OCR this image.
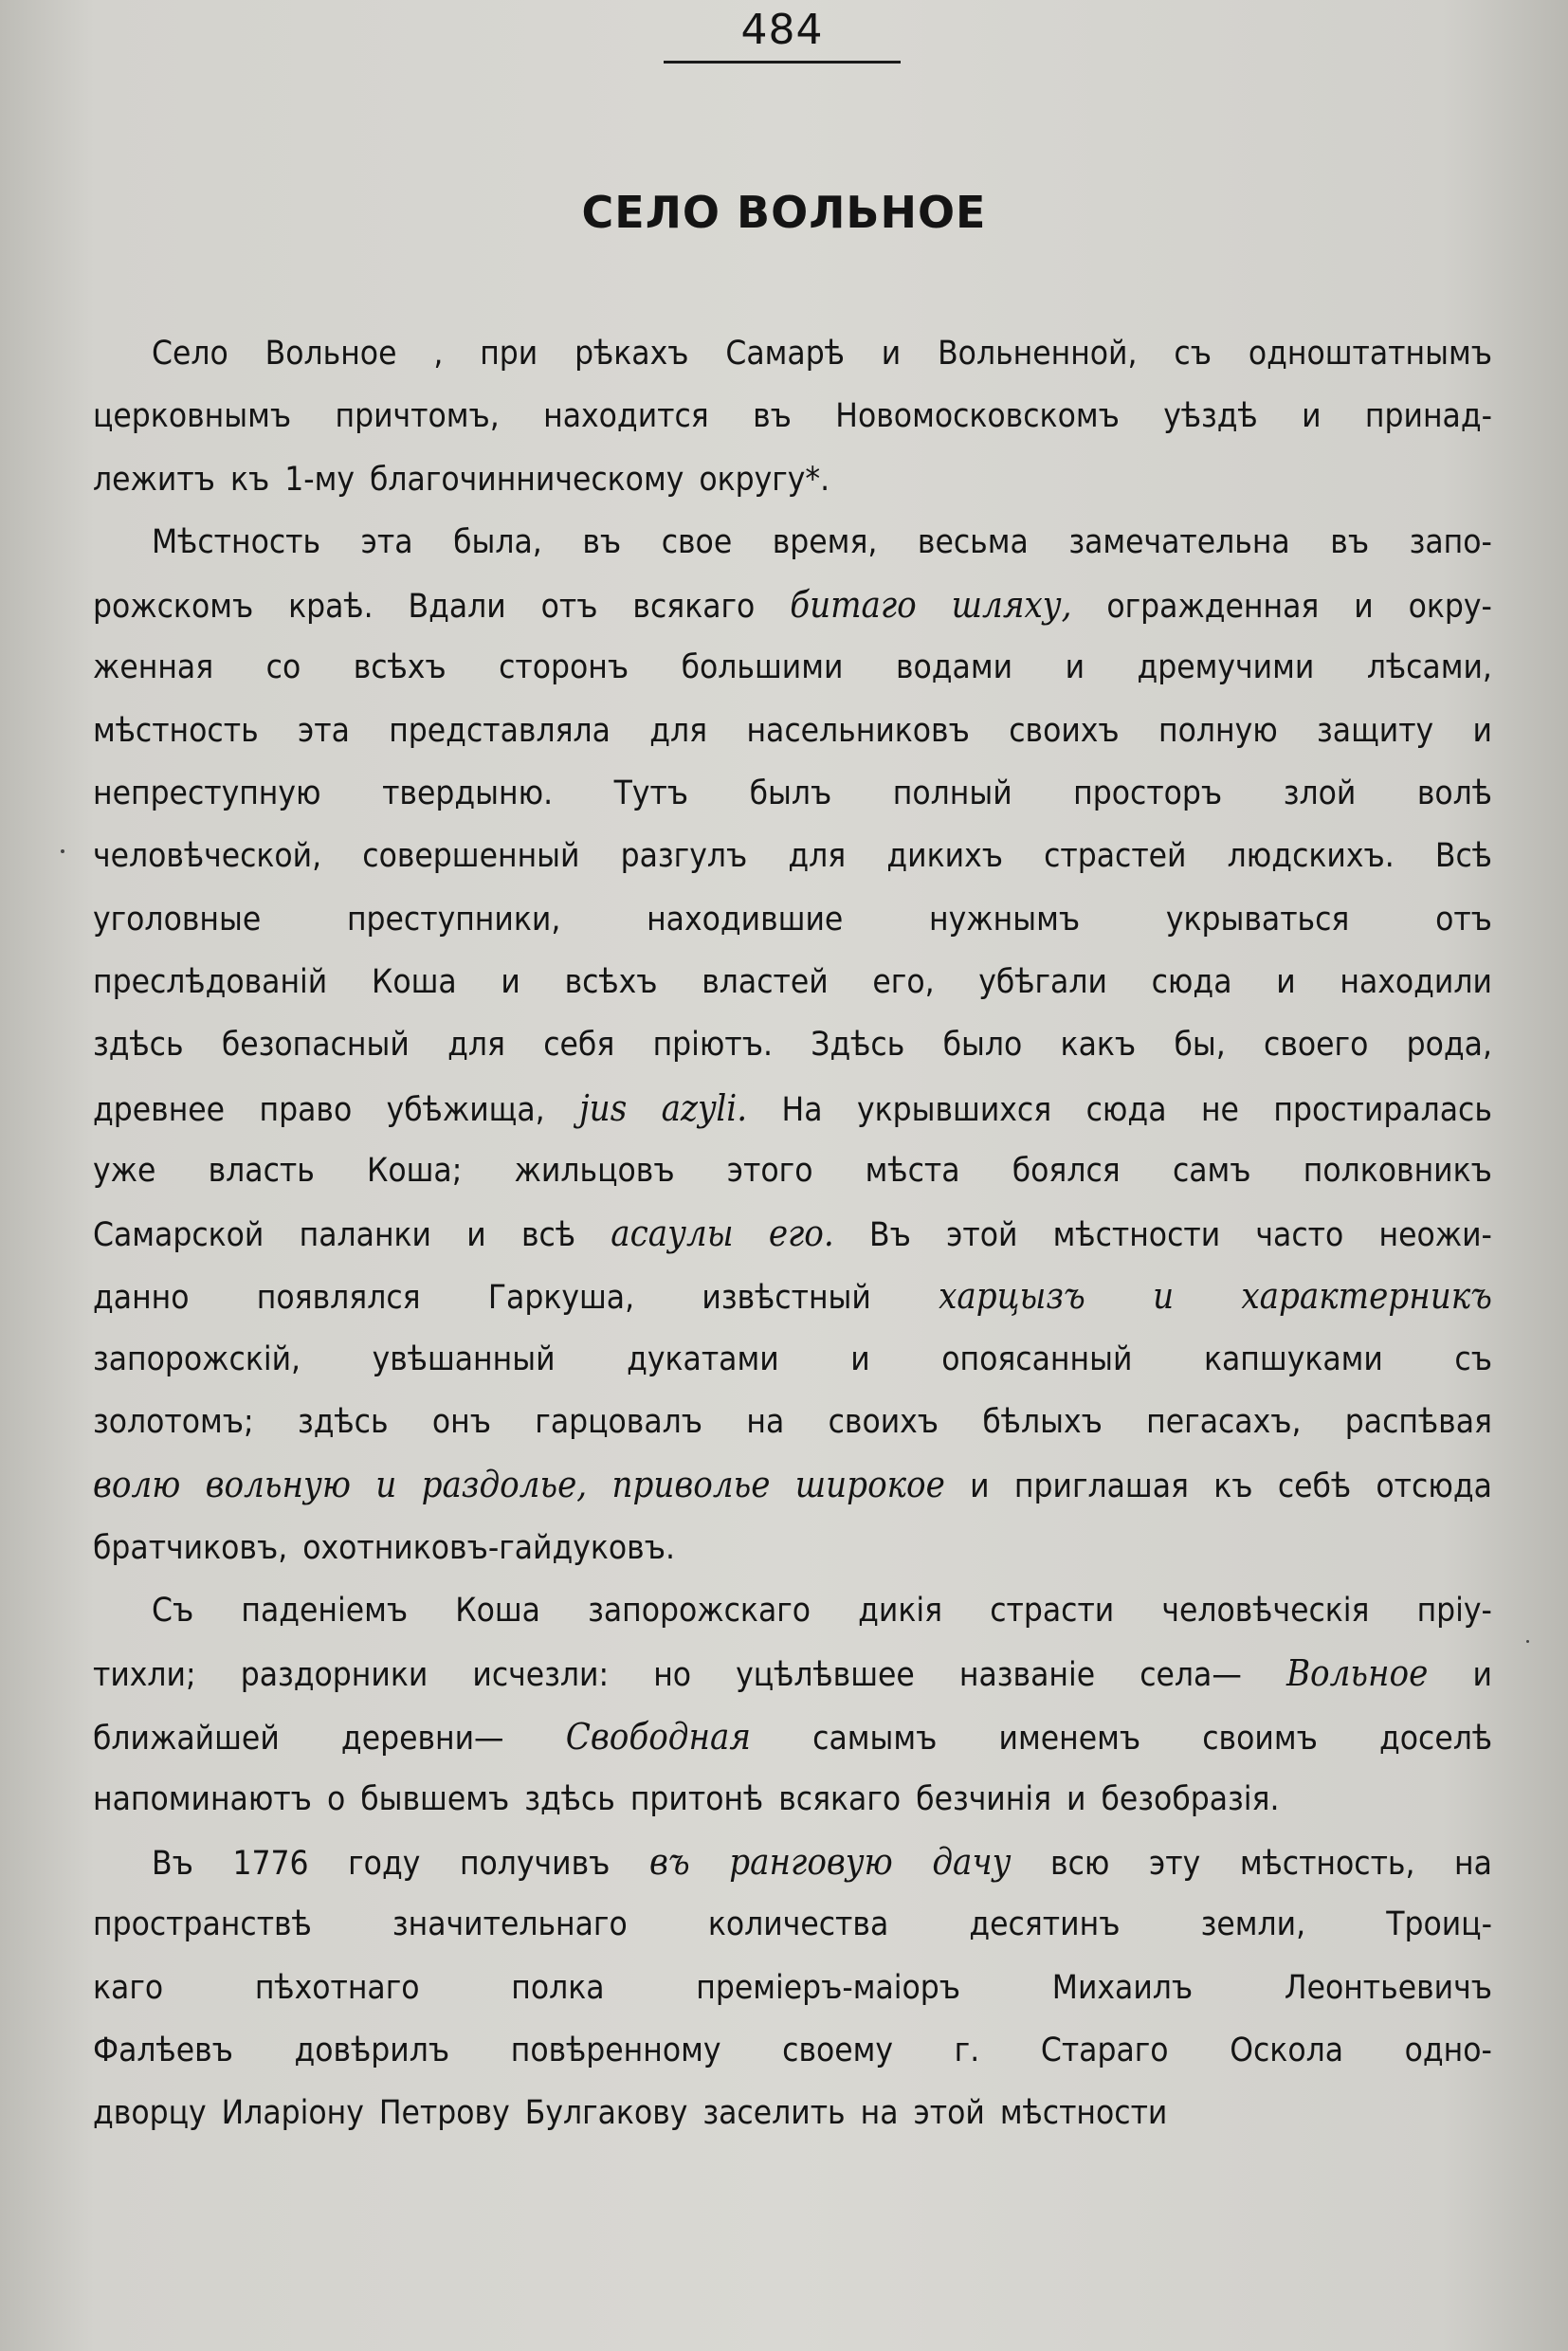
484
СЕЛО ВОЛЬНОЕ
Село Вольное , при рѣкахъ Самарѣ и Вольненной, съ одноштатнымъ
церковнымъ причтомъ, находится въ Новомосковскомъ уѣздѣ и принад-
лежитъ къ 1-му благочинническому округу*.
Мѣстность эта была, въ свое время, весьма замечательна въ запо-
рожскомъ краѣ. Вдали отъ всякаго битаго шляху, огражденная и окру-
женная со всѣхъ сторонъ большими водами и дремучими лѣсами,
мѣстность эта представляла для насельниковъ своихъ полную защиту и
непреступную твердыню. Тутъ былъ полный просторъ злой волѣ
человѣческой, совершенный разгулъ для дикихъ страстей людскихъ. Всѣ
уголовные	преступники,	находившие	нужнымъ	укрываться	отъ
преслѣдованій Коша и всѣхъ властей его, убѣгали сюда и находили
здѣсь безопасный для себя пріютъ. Здѣсь было какъ бы, своего рода,
древнее право убѣжища, jus azyli. На укрывшихся сюда не простиралась
уже власть Коша; жильцовъ этого мѣста боялся самъ полковникъ
Самарской паланки и всѣ асаулы его. Въ этой мѣстности часто неожи-
данно появлялся Гаркуша, извѣстный харцызъ и характерникъ
запорожскій, увѣшанный дукатами и опоясанный капшуками съ
золотомъ; здѣсь онъ гарцовалъ на своихъ бѣлыхъ пегасахъ, распѣвая
волю вольную и раздолье, приволье широкое и приглашая къ себѣ отсюда
братчиковъ, охотниковъ-гайдуковъ.
Съ паденіемъ Коша запорожскаго дикія страсти человѣческія пріу-
тихли; раздорники исчезли: но уцѣлѣвшее названіе села— Вольное и
ближайшей деревни— Свободная самымъ именемъ своимъ доселѣ
напоминаютъ о бывшемъ здѣсь притонѣ всякаго безчинія и безобразія.
Въ 1776 году получивъ въ ранговую дачу всю эту мѣстность, на
пространствѣ значительнаго количества десятинъ земли, Троиц-
каго	пѣхотнаго	полка	преміеръ-маіоръ	Михаилъ	Леонтьевичъ
Фалѣевъ довѣрилъ повѣренному своему г. Стараго Оскола одно-
дворцу Иларіону Петрову Булгакову заселить на этой мѣстности
